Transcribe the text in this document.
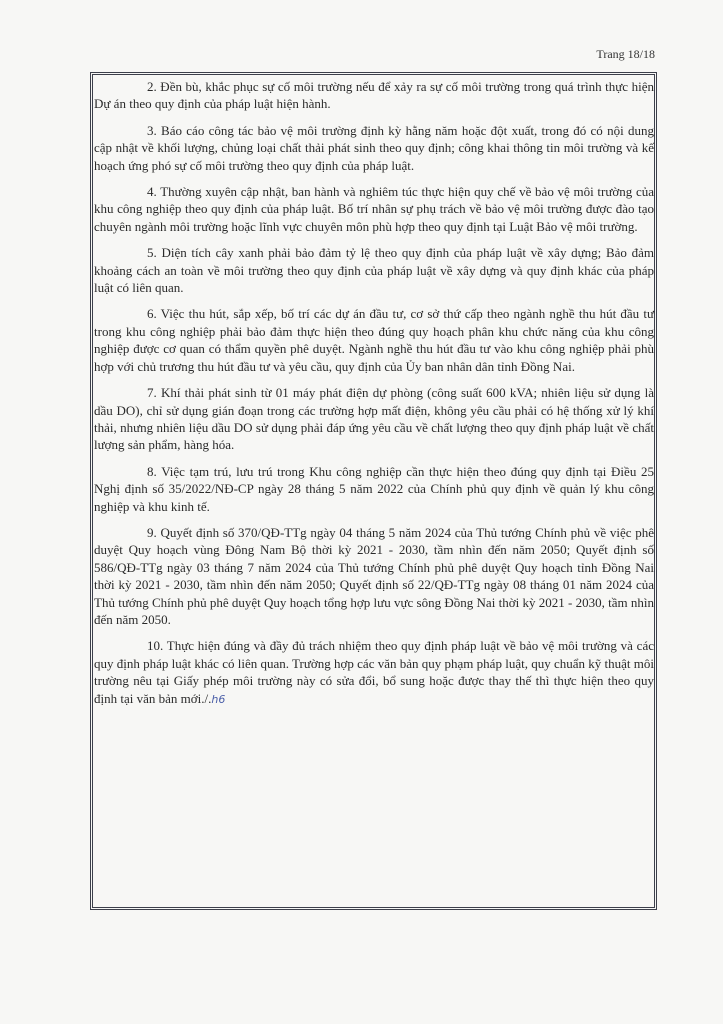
Trang 18/18

2. Đền bù, khắc phục sự cố môi trường nếu để xảy ra sự cố môi trường trong quá trình thực hiện Dự án theo quy định của pháp luật hiện hành.

3. Báo cáo công tác bảo vệ môi trường định kỳ hằng năm hoặc đột xuất, trong đó có nội dung cập nhật về khối lượng, chủng loại chất thải phát sinh theo quy định; công khai thông tin môi trường và kế hoạch ứng phó sự cố môi trường theo quy định của pháp luật.

4. Thường xuyên cập nhật, ban hành và nghiêm túc thực hiện quy chế về bảo vệ môi trường của khu công nghiệp theo quy định của pháp luật. Bố trí nhân sự phụ trách về bảo vệ môi trường được đào tạo chuyên ngành môi trường hoặc lĩnh vực chuyên môn phù hợp theo quy định tại Luật Bảo vệ môi trường.

5. Diện tích cây xanh phải bảo đảm tỷ lệ theo quy định của pháp luật về xây dựng; Bảo đảm khoảng cách an toàn về môi trường theo quy định của pháp luật về xây dựng và quy định khác của pháp luật có liên quan.

6. Việc thu hút, sắp xếp, bố trí các dự án đầu tư, cơ sở thứ cấp theo ngành nghề thu hút đầu tư trong khu công nghiệp phải bảo đảm thực hiện theo đúng quy hoạch phân khu chức năng của khu công nghiệp được cơ quan có thẩm quyền phê duyệt. Ngành nghề thu hút đầu tư vào khu công nghiệp phải phù hợp với chủ trương thu hút đầu tư và yêu cầu, quy định của Ủy ban nhân dân tỉnh Đồng Nai.

7. Khí thải phát sinh từ 01 máy phát điện dự phòng (công suất 600 kVA; nhiên liệu sử dụng là dầu DO), chỉ sử dụng gián đoạn trong các trường hợp mất điện, không yêu cầu phải có hệ thống xử lý khí thải, nhưng nhiên liệu dầu DO sử dụng phải đáp ứng yêu cầu về chất lượng theo quy định pháp luật về chất lượng sản phẩm, hàng hóa.

8. Việc tạm trú, lưu trú trong Khu công nghiệp cần thực hiện theo đúng quy định tại Điều 25 Nghị định số 35/2022/NĐ-CP ngày 28 tháng 5 năm 2022 của Chính phủ quy định về quản lý khu công nghiệp và khu kinh tế.

9. Quyết định số 370/QĐ-TTg ngày 04 tháng 5 năm 2024 của Thủ tướng Chính phủ về việc phê duyệt Quy hoạch vùng Đông Nam Bộ thời kỳ 2021 - 2030, tầm nhìn đến năm 2050; Quyết định số 586/QĐ-TTg ngày 03 tháng 7 năm 2024 của Thủ tướng Chính phủ phê duyệt Quy hoạch tỉnh Đồng Nai thời kỳ 2021 - 2030, tầm nhìn đến năm 2050; Quyết định số 22/QĐ-TTg ngày 08 tháng 01 năm 2024 của Thủ tướng Chính phủ phê duyệt Quy hoạch tổng hợp lưu vực sông Đồng Nai thời kỳ 2021 - 2030, tầm nhìn đến năm 2050.

10. Thực hiện đúng và đầy đủ trách nhiệm theo quy định pháp luật về bảo vệ môi trường và các quy định pháp luật khác có liên quan. Trường hợp các văn bản quy phạm pháp luật, quy chuẩn kỹ thuật môi trường nêu tại Giấy phép môi trường này có sửa đổi, bổ sung hoặc được thay thế thì thực hiện theo quy định tại văn bản mới./.h6
